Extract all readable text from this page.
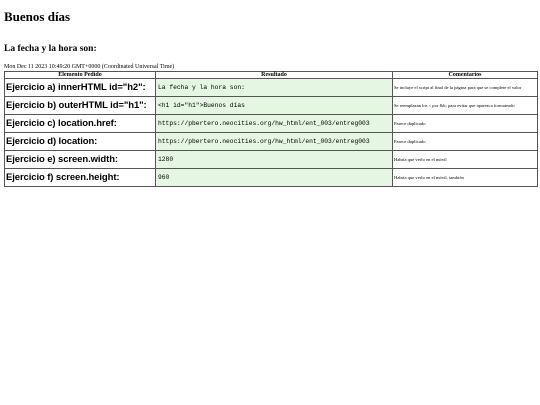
Buenos días
La fecha y la hora son:
Mon Dec 11 2023 10:49:20 GMT+0000 (Coordinated Universal Time)
Elemento Pedido	Resultado	Comentarios
Ejercicio a) innerHTML id="h2":	La fecha y la hora son:	Se incluye el script al final de la página para que se complete el valor
Ejercicio b) outerHTML id="h1":	<h1 id="h1">Buenos días	Se reemplazan los < por &lt; para evitar que aparezca formateado
Ejercicio c) location.href:	https://pbertero.neocities.org/hw_html/ent_003/entreg003	Parece duplicado
Ejercicio d) location:	https://pbertero.neocities.org/hw_html/ent_003/entreg003	Parece duplicado
Ejercicio e) screen.width:	1280	Habría que verlo en el móvil
Ejercicio f) screen.height:	960	Habría que verlo en el móvil, también
